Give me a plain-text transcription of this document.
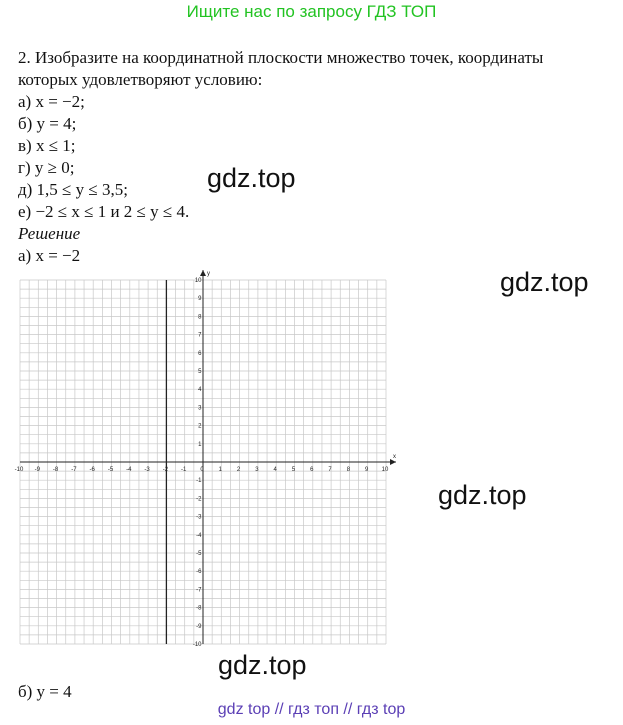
Ищите нас по запросу ГДЗ ТОП

2. Изобразите на координатной плоскости множество точек, координаты

которых удовлетворяют условию:

а) x = −2;

б) y = 4;

в) x ≤ 1;

г) y ≥ 0;

д) 1,5 ≤ y ≤ 3,5;

е) −2 ≤ x ≤ 1 и 2 ≤ y ≤ 4.

Решение

а) x = −2

gdz.top
gdz.top
gdz.top
gdz.top
x
y
-10 -9 -8 -7 -6 -5 -4 -3 -2 -1 0 1 2 3 4 5 6 7 8 9 10
10
9
8
7
6
5
4
3
2
1
-1
-2
-3
-4
-5
-6
-7
-8
-9
-10
б) y = 4
gdz top // гдз топ // гдз top
